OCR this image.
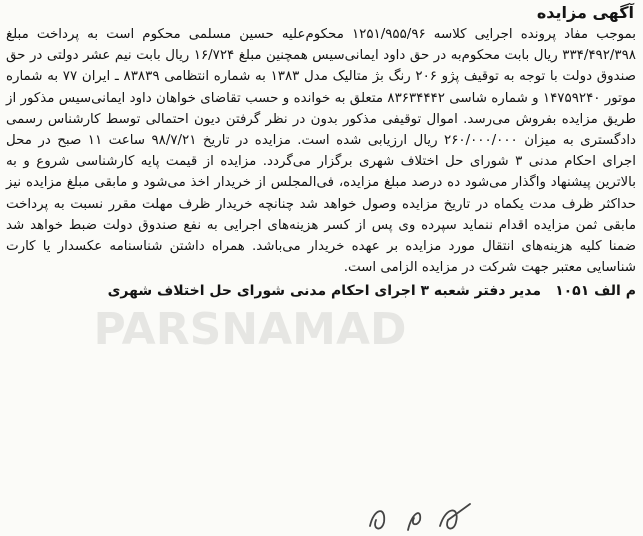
PARSNAMAD
آگهی مزایده

بموجب مفاد پرونده اجرایی کلاسه ۱۲۵۱/۹۵۵/۹۶ محکوم‌علیه حسین مسلمی محکوم است به پرداخت مبلغ ۳۳۴/۴۹۲/۳۹۸ ریال بابت محکوم‌به در حق داود ایمانی‌سیس همچنین مبلغ ۱۶/۷۲۴ ریال بابت نیم عشر دولتی در حق صندوق دولت با توجه به توقیف پژو ۲۰۶ رنگ بژ متالیک مدل ۱۳۸۳ به شماره انتظامی ۸۳۸۳۹ ـ ایران ۷۷ به شماره موتور ۱۴۷۵۹۲۴۰ و شماره شاسی ۸۳۶۳۴۴۴۲ متعلق به خوانده و حسب تقاضای خواهان داود ایمانی‌سیس مذکور از طریق مزایده بفروش می‌رسد. اموال توقیفی مذکور بدون در نظر گرفتن دیون احتمالی توسط کارشناس رسمی دادگستری به میزان ۲۶۰/۰۰۰/۰۰۰ ریال ارزیابی شده است. مزایده در تاریخ ۹۸/۷/۲۱ ساعت ۱۱ صبح در محل اجرای احکام مدنی ۳ شورای حل اختلاف شهری برگزار می‌گردد. مزایده از قیمت پایه کارشناسی شروع و به بالاترین پیشنهاد واگذار می‌شود ده درصد مبلغ مزایده، فی‌المجلس از خریدار اخذ می‌شود و مابقی مبلغ مزایده نیز حداکثر ظرف مدت یکماه در تاریخ مزایده وصول خواهد شد چنانچه خریدار ظرف مهلت مقرر نسبت به پرداخت مابقی ثمن مزایده اقدام ننماید سپرده وی پس از کسر هزینه‌های اجرایی به نفع صندوق دولت ضبط خواهد شد ضمنا کلیه هزینه‌های انتقال مورد مزایده بر عهده خریدار می‌باشد. همراه داشتن شناسنامه عکسدار یا کارت شناسایی معتبر جهت شرکت در مزایده الزامی است.

م الف ۱۰۵۱
مدیر دفتر شعبه ۳ اجرای احکام مدنی شورای حل اختلاف شهری
